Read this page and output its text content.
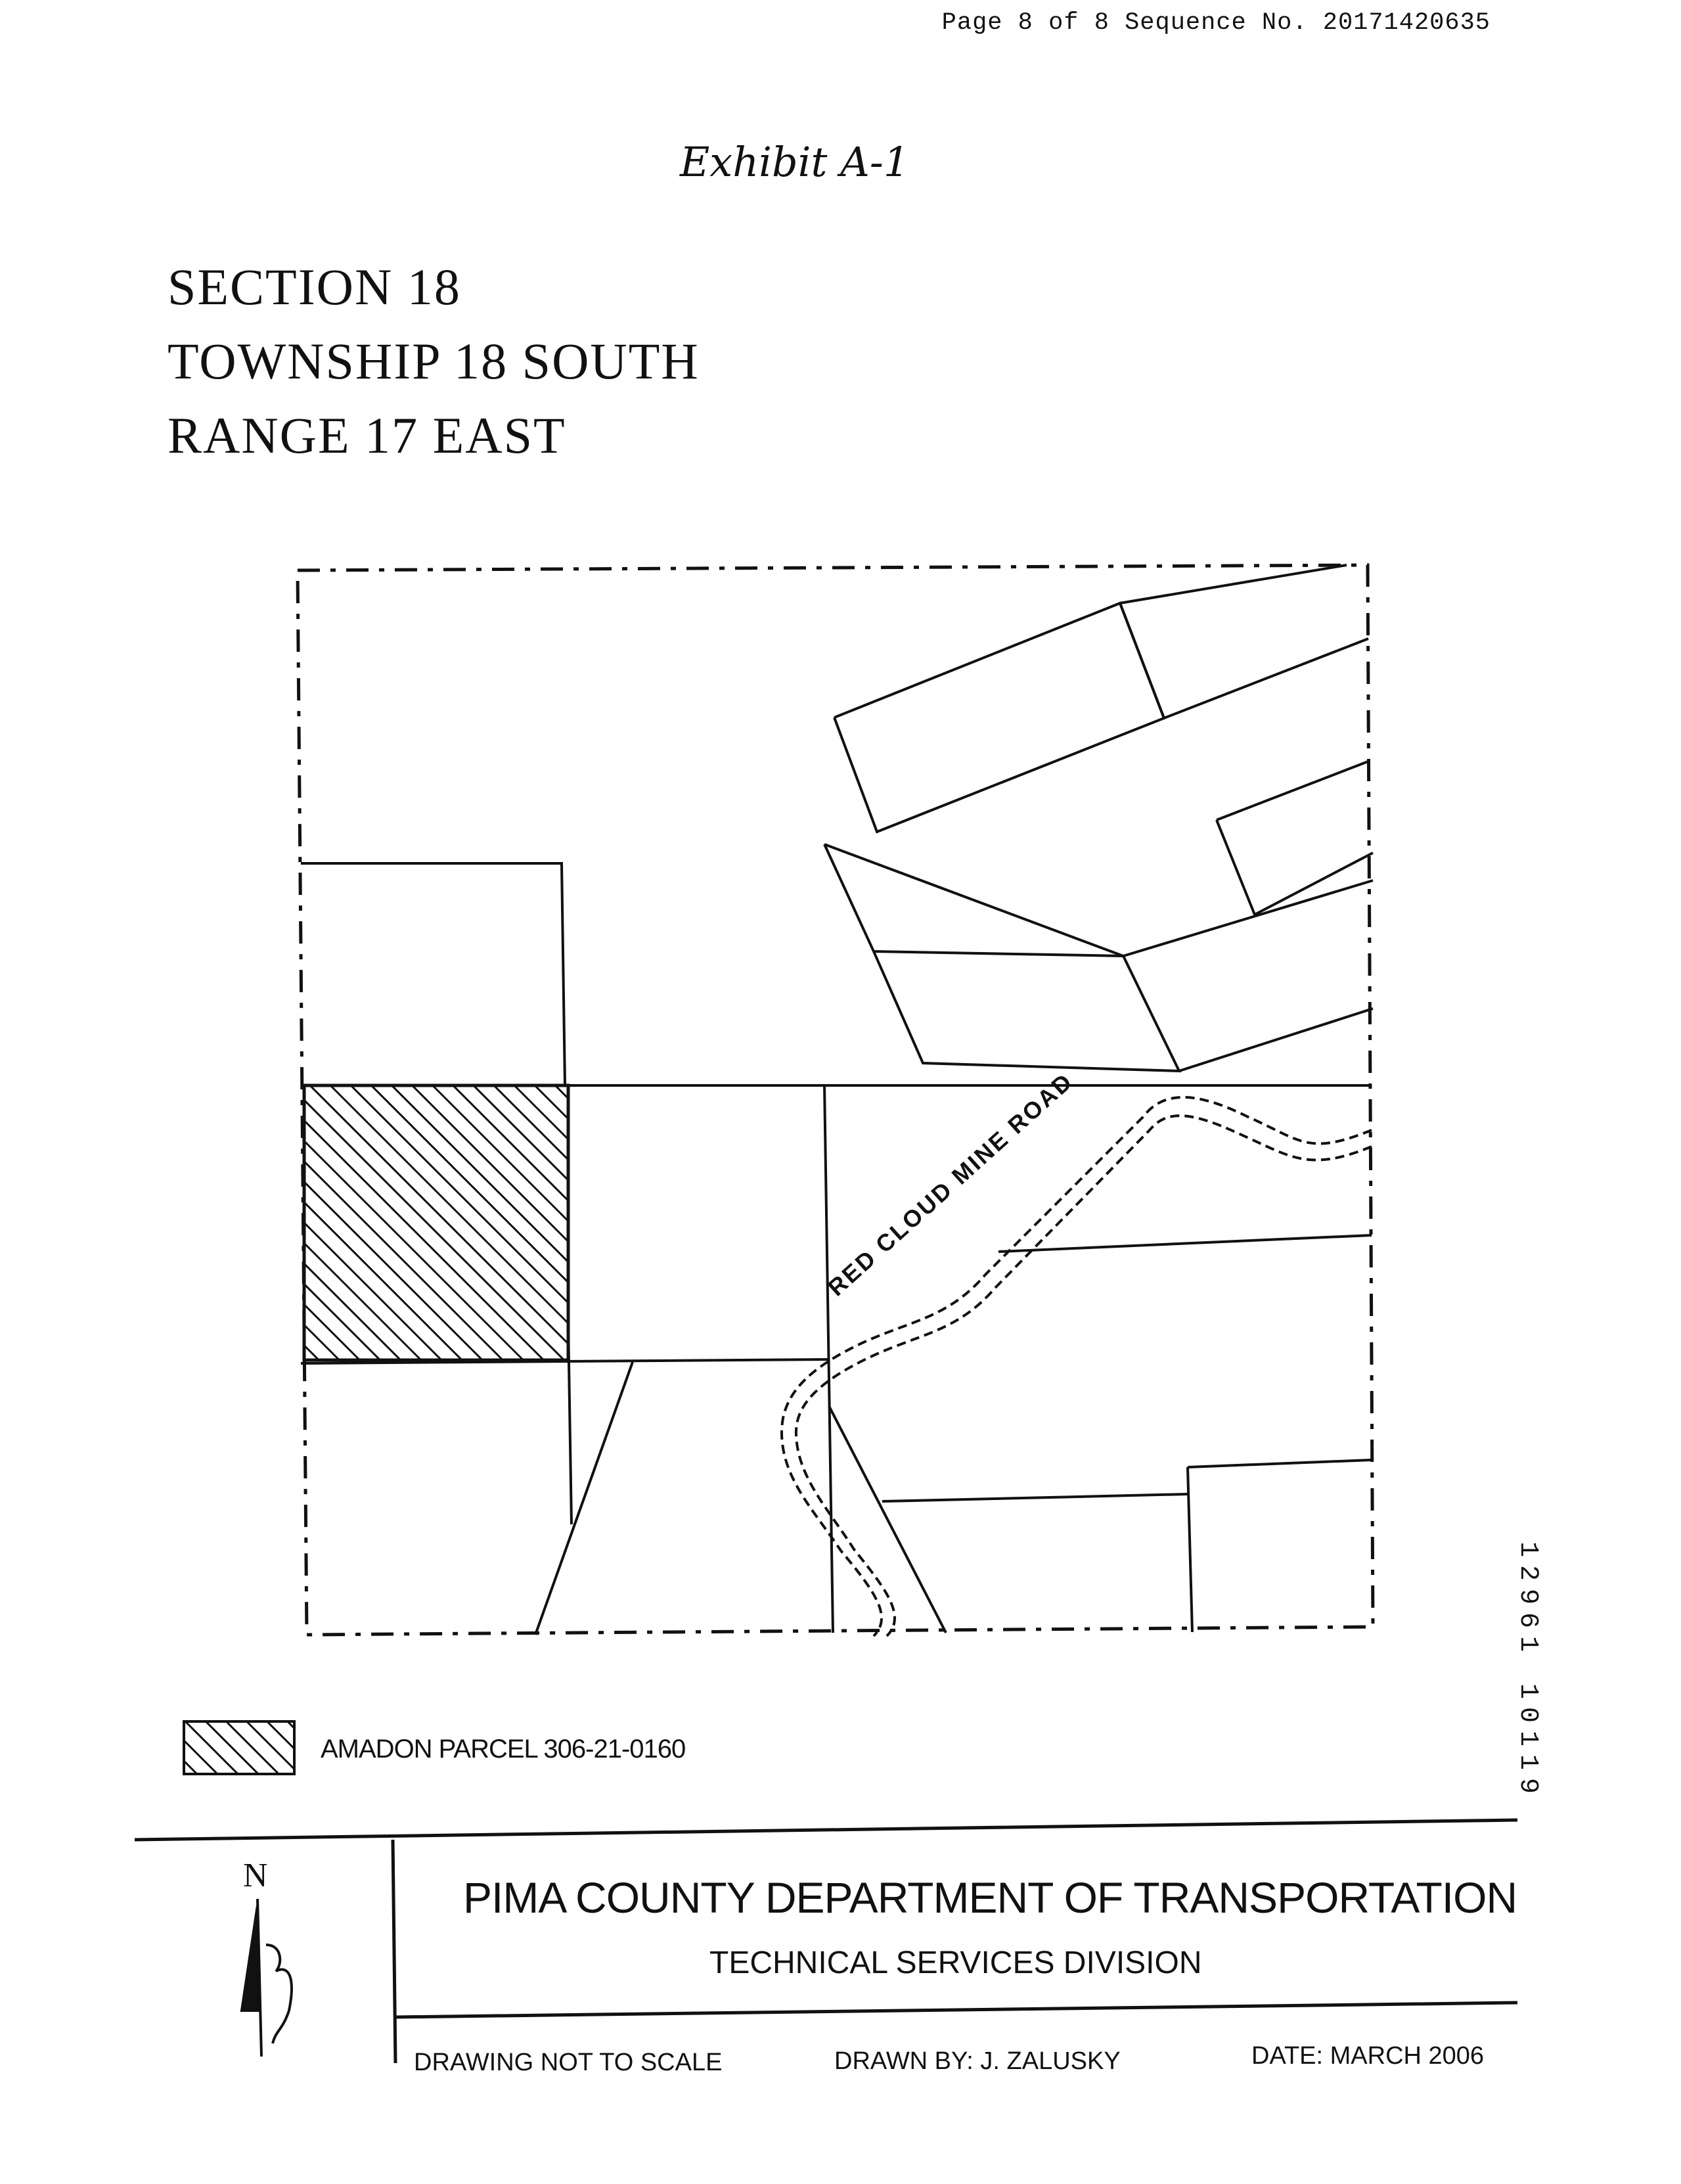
Page 8 of 8 Sequence No. 20171420635
Exhibit A-1
SECTION 18
TOWNSHIP 18 SOUTH
RANGE 17 EAST
RED CLOUD MINE ROAD
AMADON PARCEL 306-21-0160
1
2
9
6
1

1
0
1
1
9
N	PIMA COUNTY DEPARTMENT OF TRANSPORTATION
TECHNICAL SERVICES DIVISION
DRAWING NOT TO SCALE	DRAWN BY: J. ZALUSKY	DATE: MARCH 2006
